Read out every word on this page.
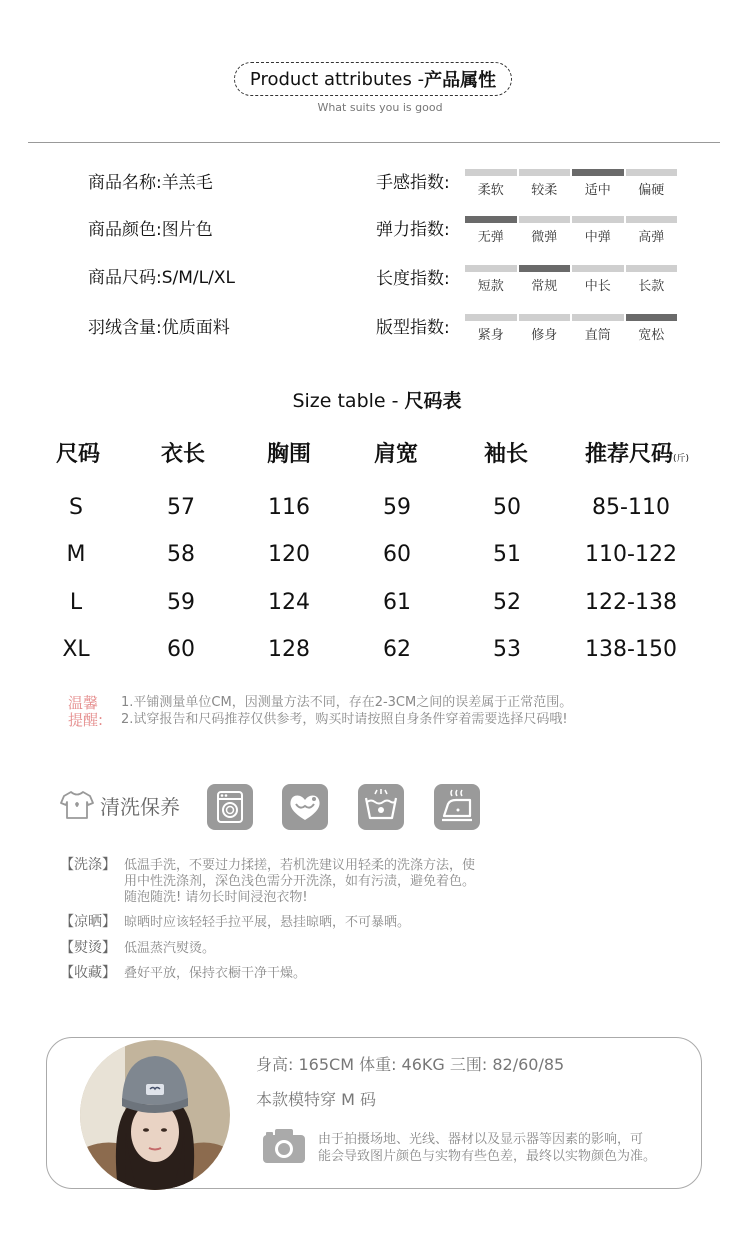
Product attributes - 产品属性
What suits you is good
商品名称:羊羔毛
商品颜色:图片色
商品尺码:S/M/L/XL
羽绒含量:优质面料
手感指数:	柔软	较柔	适中	偏硬
弹力指数:	无弹	微弹	中弹	高弹
长度指数:	短款	常规	中长	长款
版型指数:	紧身	修身	直筒	宽松
Size table - 尺码表
尺码	衣长	胸围	肩宽	袖长	推荐尺码(斤)
S	57	116	59	50	85-110
M	58	120	60	51	110-122
L	59	124	61	52	122-138
XL	60	128	62	53	138-150
温馨
提醒:
1.平铺测量单位CM，因测量方法不同，存在2-3CM之间的误差属于正常范围。
2.试穿报告和尺码推荐仅供参考，购买时请按照自身条件穿着需要选择尺码哦!
清洗保养
【洗涤】 低温手洗，不要过力揉搓，若机洗建议用轻柔的洗涤方法，使
用中性洗涤剂，深色浅色需分开洗涤，如有污渍，避免着色。
随泡随洗! 请勿长时间浸泡衣物!
【凉晒】 晾晒时应该轻轻手拉平展，悬挂晾晒，不可暴晒。
【熨烫】 低温蒸汽熨烫。
【收藏】 叠好平放，保持衣橱干净干燥。
身高: 165CM 体重: 46KG 三围: 82/60/85
本款模特穿 M 码
由于拍摄场地、光线、器材以及显示器等因素的影响，可
能会导致图片颜色与实物有些色差，最终以实物颜色为准。
